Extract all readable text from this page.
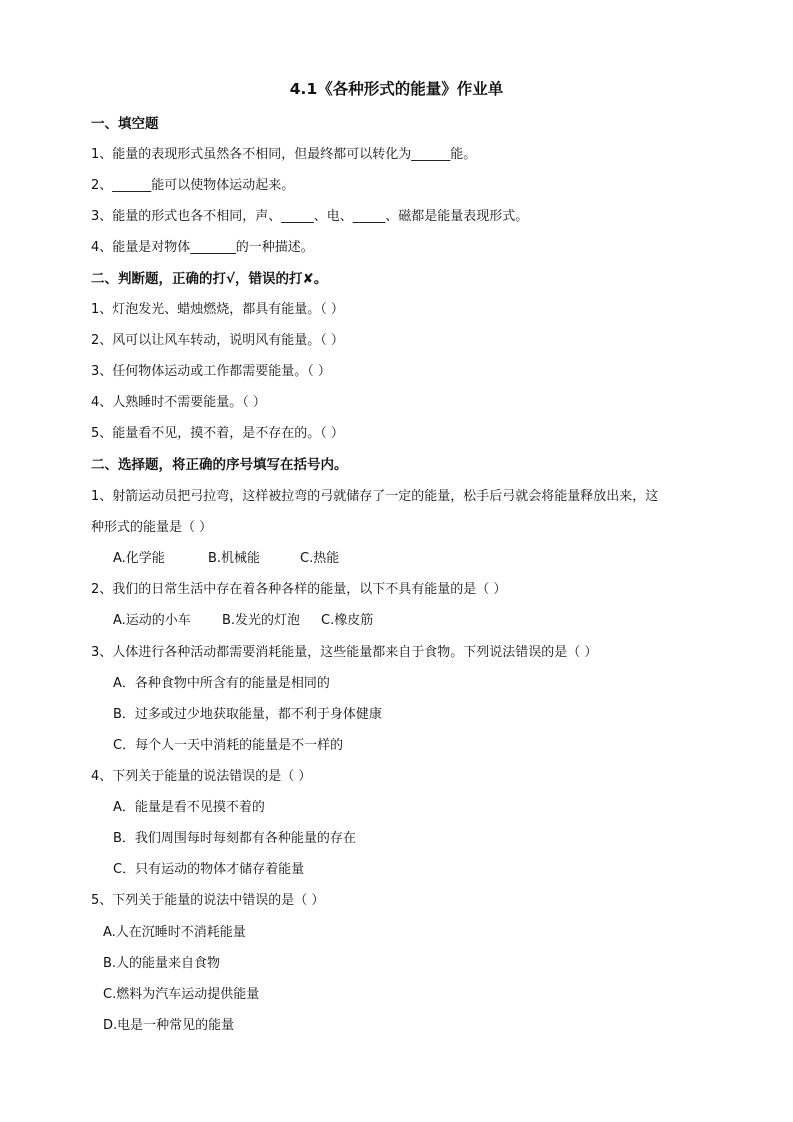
4.1《各种形式的能量》作业单
一、填空题
1、能量的表现形式虽然各不相同，但最终都可以转化为______能。
2、______能可以使物体运动起来。
3、能量的形式也各不相同，声、_____、电、_____、磁都是能量表现形式。
4、能量是对物体_______的一种描述。
二、判断题，正确的打√，错误的打✘。
1、灯泡发光、蜡烛燃烧，都具有能量。（ ）
2、风可以让风车转动，说明风有能量。（ ）
3、任何物体运动或工作都需要能量。（ ）
4、人熟睡时不需要能量。（ ）
5、能量看不见，摸不着，是不存在的。（ ）
二、选择题，将正确的序号填写在括号内。
1、射箭运动员把弓拉弯，这样被拉弯的弓就储存了一定的能量，松手后弓就会将能量释放出来，这
种形式的能量是（ ）
A.化学能	B.机械能	C.热能
2、我们的日常生活中存在着各种各样的能量，以下不具有能量的是（ ）
A.运动的小车 B.发光的灯泡 C.橡皮筋
3、人体进行各种活动都需要消耗能量，这些能量都来自于食物。下列说法错误的是（ ）
A．各种食物中所含有的能量是相同的
B．过多或过少地获取能量，都不利于身体健康
C．每个人一天中消耗的能量是不一样的
4、下列关于能量的说法错误的是（ ）
A．能量是看不见摸不着的
B．我们周围每时每刻都有各种能量的存在
C．只有运动的物体才储存着能量
5、下列关于能量的说法中错误的是（ ）
A.人在沉睡时不消耗能量
B.人的能量来自食物
C.燃料为汽车运动提供能量
D.电是一种常见的能量
